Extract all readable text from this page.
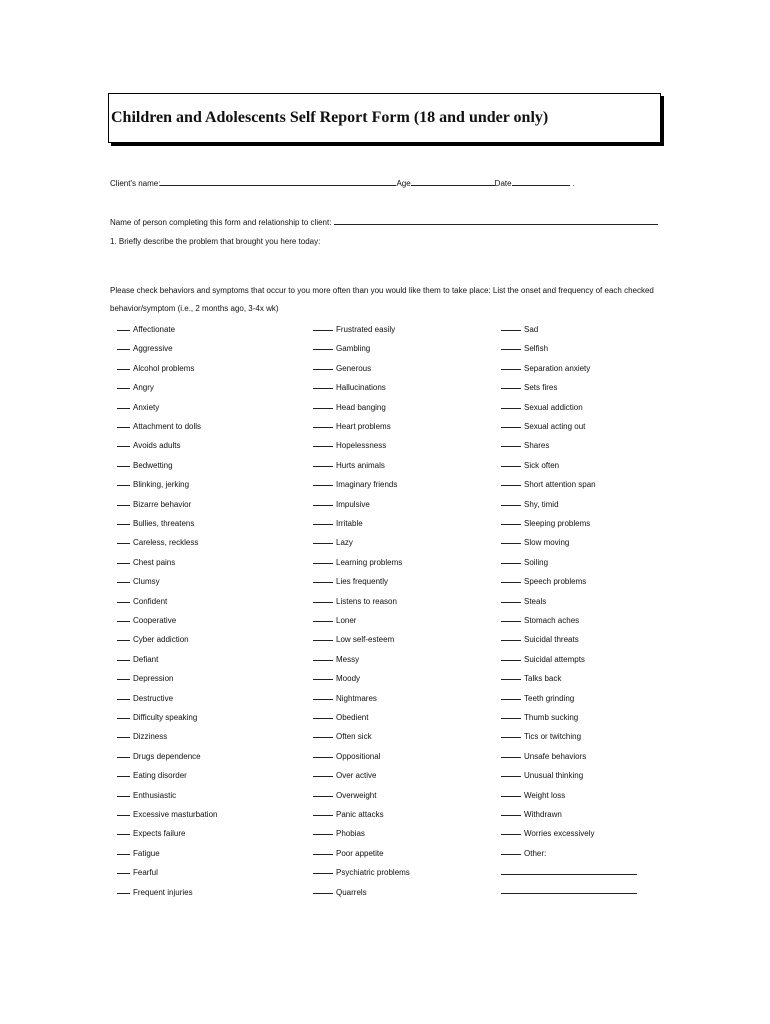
Children and Adolescents Self Report Form (18 and under only)
Client's name:	Age	Date	.
Name of person completing this form and relationship to client:
1. Briefly describe the problem that brought you here today:
Please check behaviors and symptoms that occur to you more often than you would like them to take place: List the onset and frequency of each checked
behavior/symptom (i.e., 2 months ago, 3-4x wk)
Affectionate
Aggressive
Alcohol problems
Angry
Anxiety
Attachment to dolls
Avoids adults
Bedwetting
Blinking, jerking
Bizarre behavior
Bullies, threatens
Careless, reckless
Chest pains
Clumsy
Confident
Cooperative
Cyber addiction
Defiant
Depression
Destructive
Difficulty speaking
Dizziness
Drugs dependence
Eating disorder
Enthusiastic
Excessive masturbation
Expects failure
Fatigue
Fearful
Frequent injuries
Frustrated easily
Gambling
Generous
Hallucinations
Head banging
Heart problems
Hopelessness
Hurts animals
Imaginary friends
Impulsive
Irritable
Lazy
Learning problems
Lies frequently
Listens to reason
Loner
Low self-esteem
Messy
Moody
Nightmares
Obedient
Often sick
Oppositional
Over active
Overweight
Panic attacks
Phobias
Poor appetite
Psychiatric problems
Quarrels
Sad
Selfish
Separation anxiety
Sets fires
Sexual addiction
Sexual acting out
Shares
Sick often
Short attention span
Shy, timid
Sleeping problems
Slow moving
Soiling
Speech problems
Steals
Stomach aches
Suicidal threats
Suicidal attempts
Talks back
Teeth grinding
Thumb sucking
Tics or twitching
Unsafe behaviors
Unusual thinking
Weight loss
Withdrawn
Worries excessively
Other:
